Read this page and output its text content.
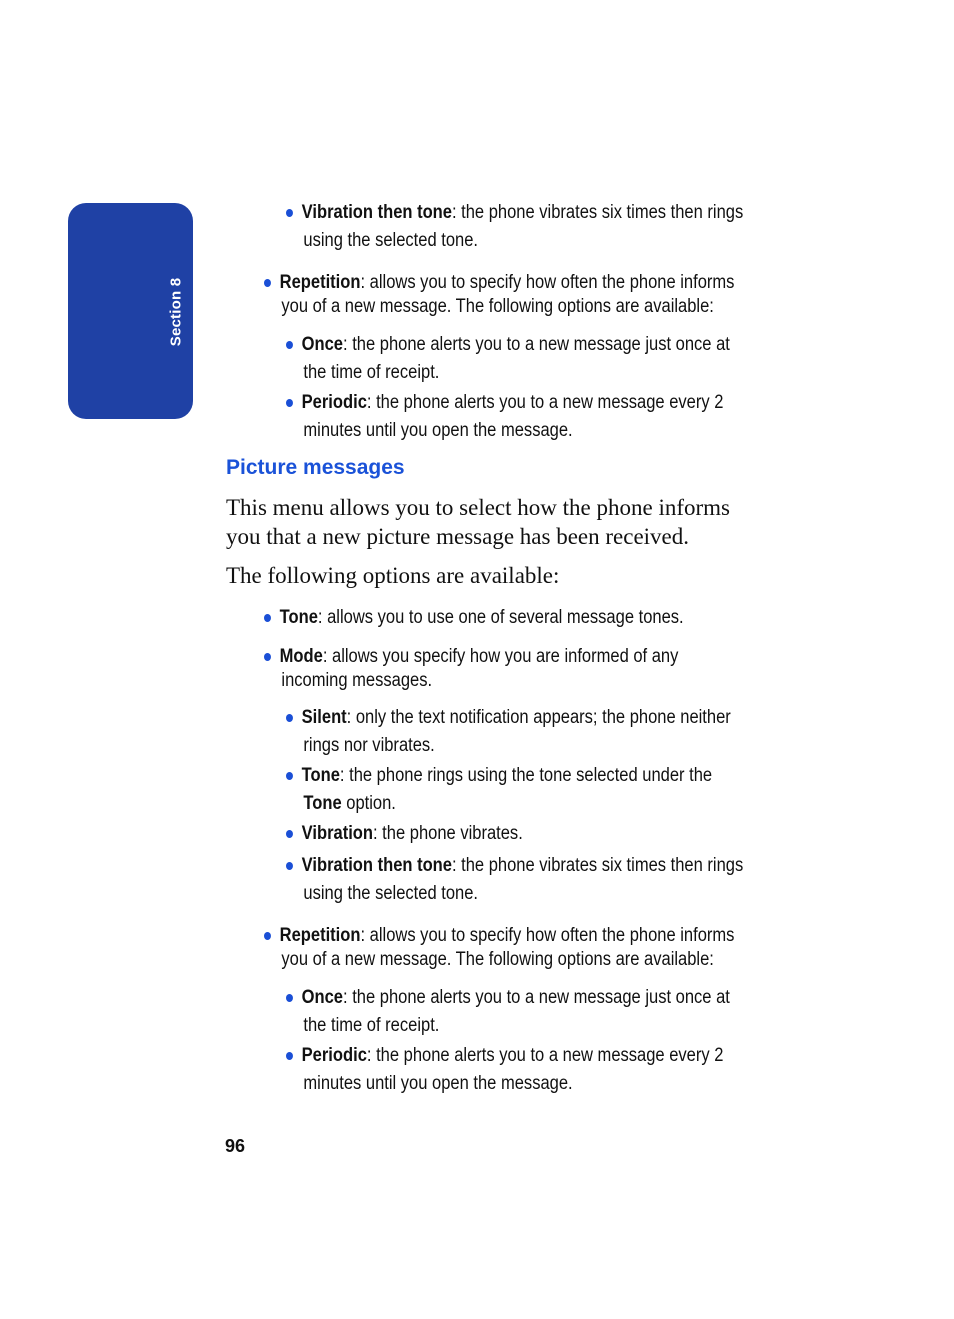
Section 8
Vibration then tone: the phone vibrates six times then rings
using the selected tone.
Repetition: allows you to specify how often the phone informs
you of a new message. The following options are available:
Once: the phone alerts you to a new message just once at
the time of receipt.
Periodic: the phone alerts you to a new message every 2
minutes until you open the message.
Picture messages
This menu allows you to select how the phone informs
you that a new picture message has been received.
The following options are available:
Tone: allows you to use one of several message tones.
Mode: allows you specify how you are informed of any
incoming messages.
Silent: only the text notification appears; the phone neither
rings nor vibrates.
Tone: the phone rings using the tone selected under the
Tone option.
Vibration: the phone vibrates.
Vibration then tone: the phone vibrates six times then rings
using the selected tone.
Repetition: allows you to specify how often the phone informs
you of a new message. The following options are available:
Once: the phone alerts you to a new message just once at
the time of receipt.
Periodic: the phone alerts you to a new message every 2
minutes until you open the message.
96
